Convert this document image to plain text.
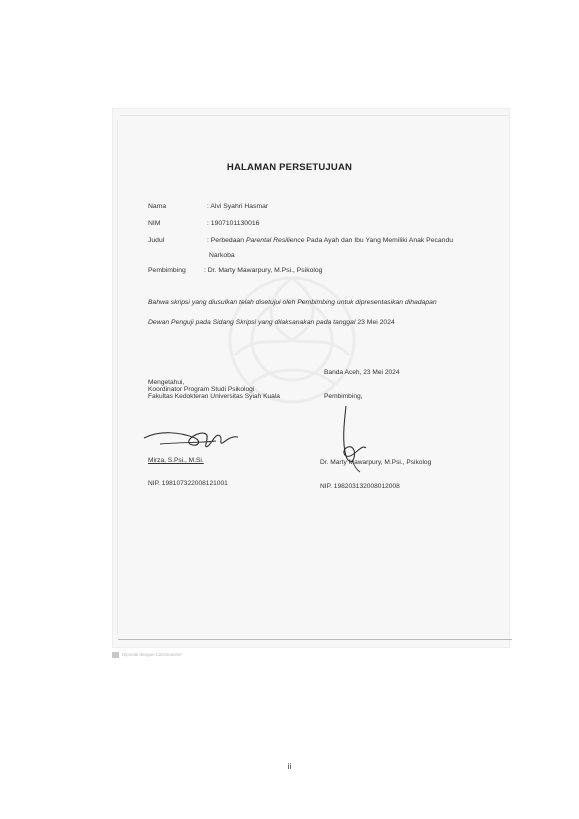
HALAMAN PERSETUJUAN
Nama	: Alvi Syahri Hasmar
NIM	: 1907101130016
Judul	: Perbedaan Parental Resilience Pada Ayah dan Ibu Yang Memiliki Anak Pecandu
Narkoba
Pembimbing	: Dr. Marty Mawarpury, M.Psi., Psikolog
Bahwa skripsi yang diusulkan telah disetujui oleh Pembimbing untuk dipresentasikan dihadapan
Dewan Penguji pada Sidang Skripsi yang dilaksanakan pada tanggal 23 Mei 2024
Banda Aceh, 23 Mei 2024
Mengetahui,
Koordinator Program Studi Psikologi
Fakultas Kedokteran Universitas Syiah Kuala	Pembimbing,
Mirza, S.Psi., M.Si.	Dr. Marty Mawarpury, M.Psi., Psikolog
NIP. 198107322008121001	NIP. 198203132008012008
Dipindai dengan CamScanner
ii
